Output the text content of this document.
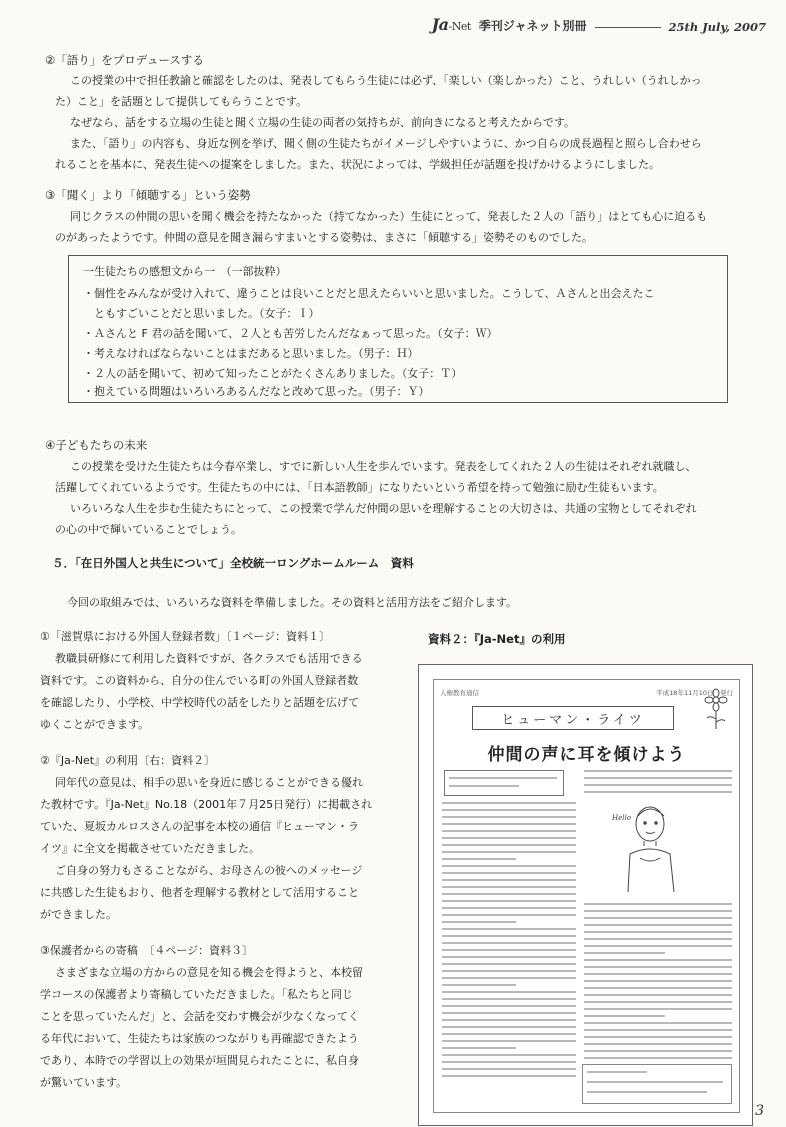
Ja-Net 季刊ジャネット別冊	25th July, 2007
②「語り」をプロデュースする
この授業の中で担任教諭と確認をしたのは、発表してもらう生徒には必ず、「楽しい（楽しかった）こと、うれしい（うれしかっ
た）こと」を話題として提供してもらうことです。
なぜなら、話をする立場の生徒と聞く立場の生徒の両者の気持ちが、前向きになると考えたからです。
また、「語り」の内容も、身近な例を挙げ、聞く側の生徒たちがイメージしやすいように、かつ自らの成長過程と照らし合わせら
れることを基本に、発表生徒への提案をしました。また、状況によっては、学級担任が話題を投げかけるようにしました。
③「聞く」より「傾聴する」という姿勢
同じクラスの仲間の思いを聞く機会を持たなかった（持てなかった）生徒にとって、発表した２人の「語り」はとても心に迫るも
のがあったようです。仲間の意見を聞き漏らすまいとする姿勢は、まさに「傾聴する」姿勢そのものでした。
一生徒たちの感想文から一　（一部抜粋）
・個性をみんなが受け入れて、違うことは良いことだと思えたらいいと思いました。こうして、Ａさんと出会えたこ
　ともすごいことだと思いました。（女子：Ｉ）
・Ａさんと F 君の話を聞いて、２人とも苦労したんだなぁって思った。（女子：Ｗ）
・考えなければならないことはまだあると思いました。（男子：Ｈ）
・２人の話を聞いて、初めて知ったことがたくさんありました。（女子：Ｔ）
・抱えている問題はいろいろあるんだなと改めて思った。（男子：Ｙ）
④子どもたちの未来
この授業を受けた生徒たちは今春卒業し、すでに新しい人生を歩んでいます。発表をしてくれた２人の生徒はそれぞれ就職し、
活躍してくれているようです。生徒たちの中には、「日本語教師」になりたいという希望を持って勉強に励む生徒もいます。
いろいろな人生を歩む生徒たちにとって、この授業で学んだ仲間の思いを理解することの大切さは、共通の宝物としてそれぞれ
の心の中で輝いていることでしょう。
５．「在日外国人と共生について」全校統一ロングホームルーム　資料
今回の取組みでは、いろいろな資料を準備しました。その資料と活用方法をご紹介します。
①「滋賀県における外国人登録者数」〔１ページ：資料１〕
教職員研修にて利用した資料ですが、各クラスでも活用できる
資料です。この資料から、自分の住んでいる町の外国人登録者数
を確認したり、小学校、中学校時代の話をしたりと話題を広げて
ゆくことができます。
②『Ja-Net』の利用〔右：資料２〕
同年代の意見は、相手の思いを身近に感じることができる優れ
た教材です。『Ja-Net』No.18（2001年７月25日発行）に掲載され
ていた、夏坂カルロスさんの記事を本校の通信『ヒューマン・ラ
イツ』に全文を掲載させていただきました。
ご自身の努力もさることながら、お母さんの彼へのメッセージ
に共感した生徒もおり、他者を理解する教材として活用すること
ができました。
③保護者からの寄稿　〔４ページ：資料３〕
さまざまな立場の方からの意見を知る機会を得ようと、本校留
学コースの保護者より寄稿していただきました。「私たちと同じ
ことを思っていたんだ」と、会話を交わす機会が少なくなってく
る年代において、生徒たちは家族のつながりも再確認できたよう
であり、本時での学習以上の効果が垣間見られたことに、私自身
が驚いています。
資料２：『Ja-Net』の利用
人権教育通信	平成18年11月10日　発行
ヒューマン・ライツ
仲間の声に耳を傾けよう
Hello
3
